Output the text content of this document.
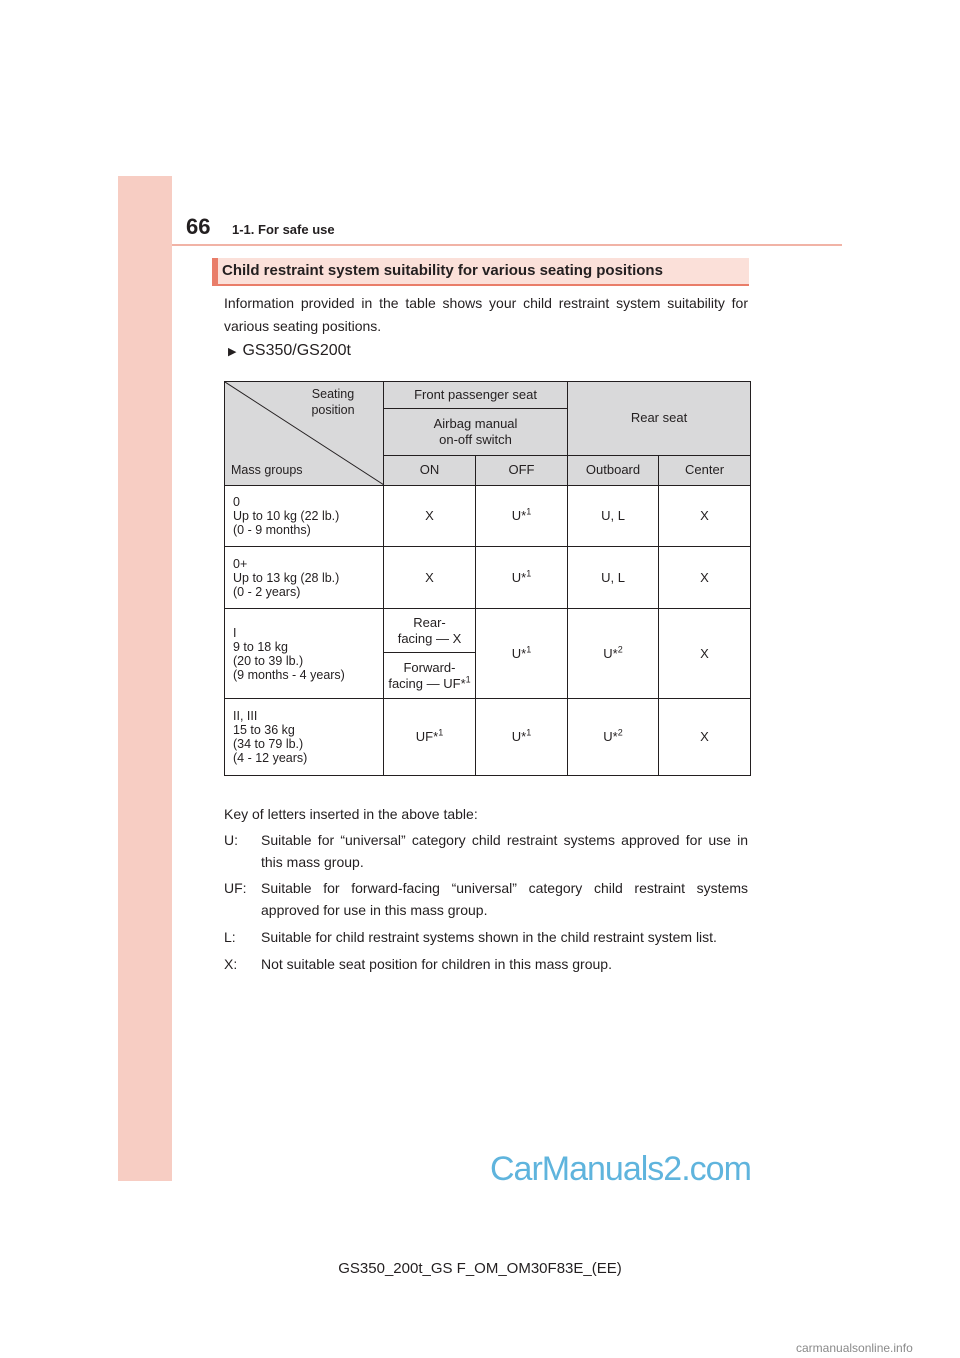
66 1-1. For safe use
Child restraint system suitability for various seating positions
Information provided in the table shows your child restraint system suitability for various seating positions.
▶ GS350/GS200t
Seating
position
Mass groups	Front passenger seat		Rear seat	
	Airbag manual
on-off switch			
	ON	OFF	Outboard	Center
0
Up to 10 kg (22 lb.)
(0 - 9 months)	X	U*$^1$	U, L	X
0+
Up to 13 kg (28 lb.)
(0 - 2 years)	X	U*$^1$	U, L	X
I
9 to 18 kg
(20 to 39 lb.)
(9 months - 4 years)	Rear-
facing — X	U*$^1$	U*$^2$	X
	Forward-
facing — UF*$^1$
II, III
15 to 36 kg
(34 to 79 lb.)
(4 - 12 years)	UF*$^1$	U*$^1$	U*$^2$	X
Key of letters inserted in the above table:
U: Suitable for “universal” category child restraint systems approved for use in this mass group.
UF: Suitable for forward-facing “universal” category child restraint systems approved for use in this mass group.
L: Suitable for child restraint systems shown in the child restraint system list.
X: Not suitable seat position for children in this mass group.
CarManuals2.com
GS350_200t_GS F_OM_OM30F83E_(EE)
carmanualsonline.info
